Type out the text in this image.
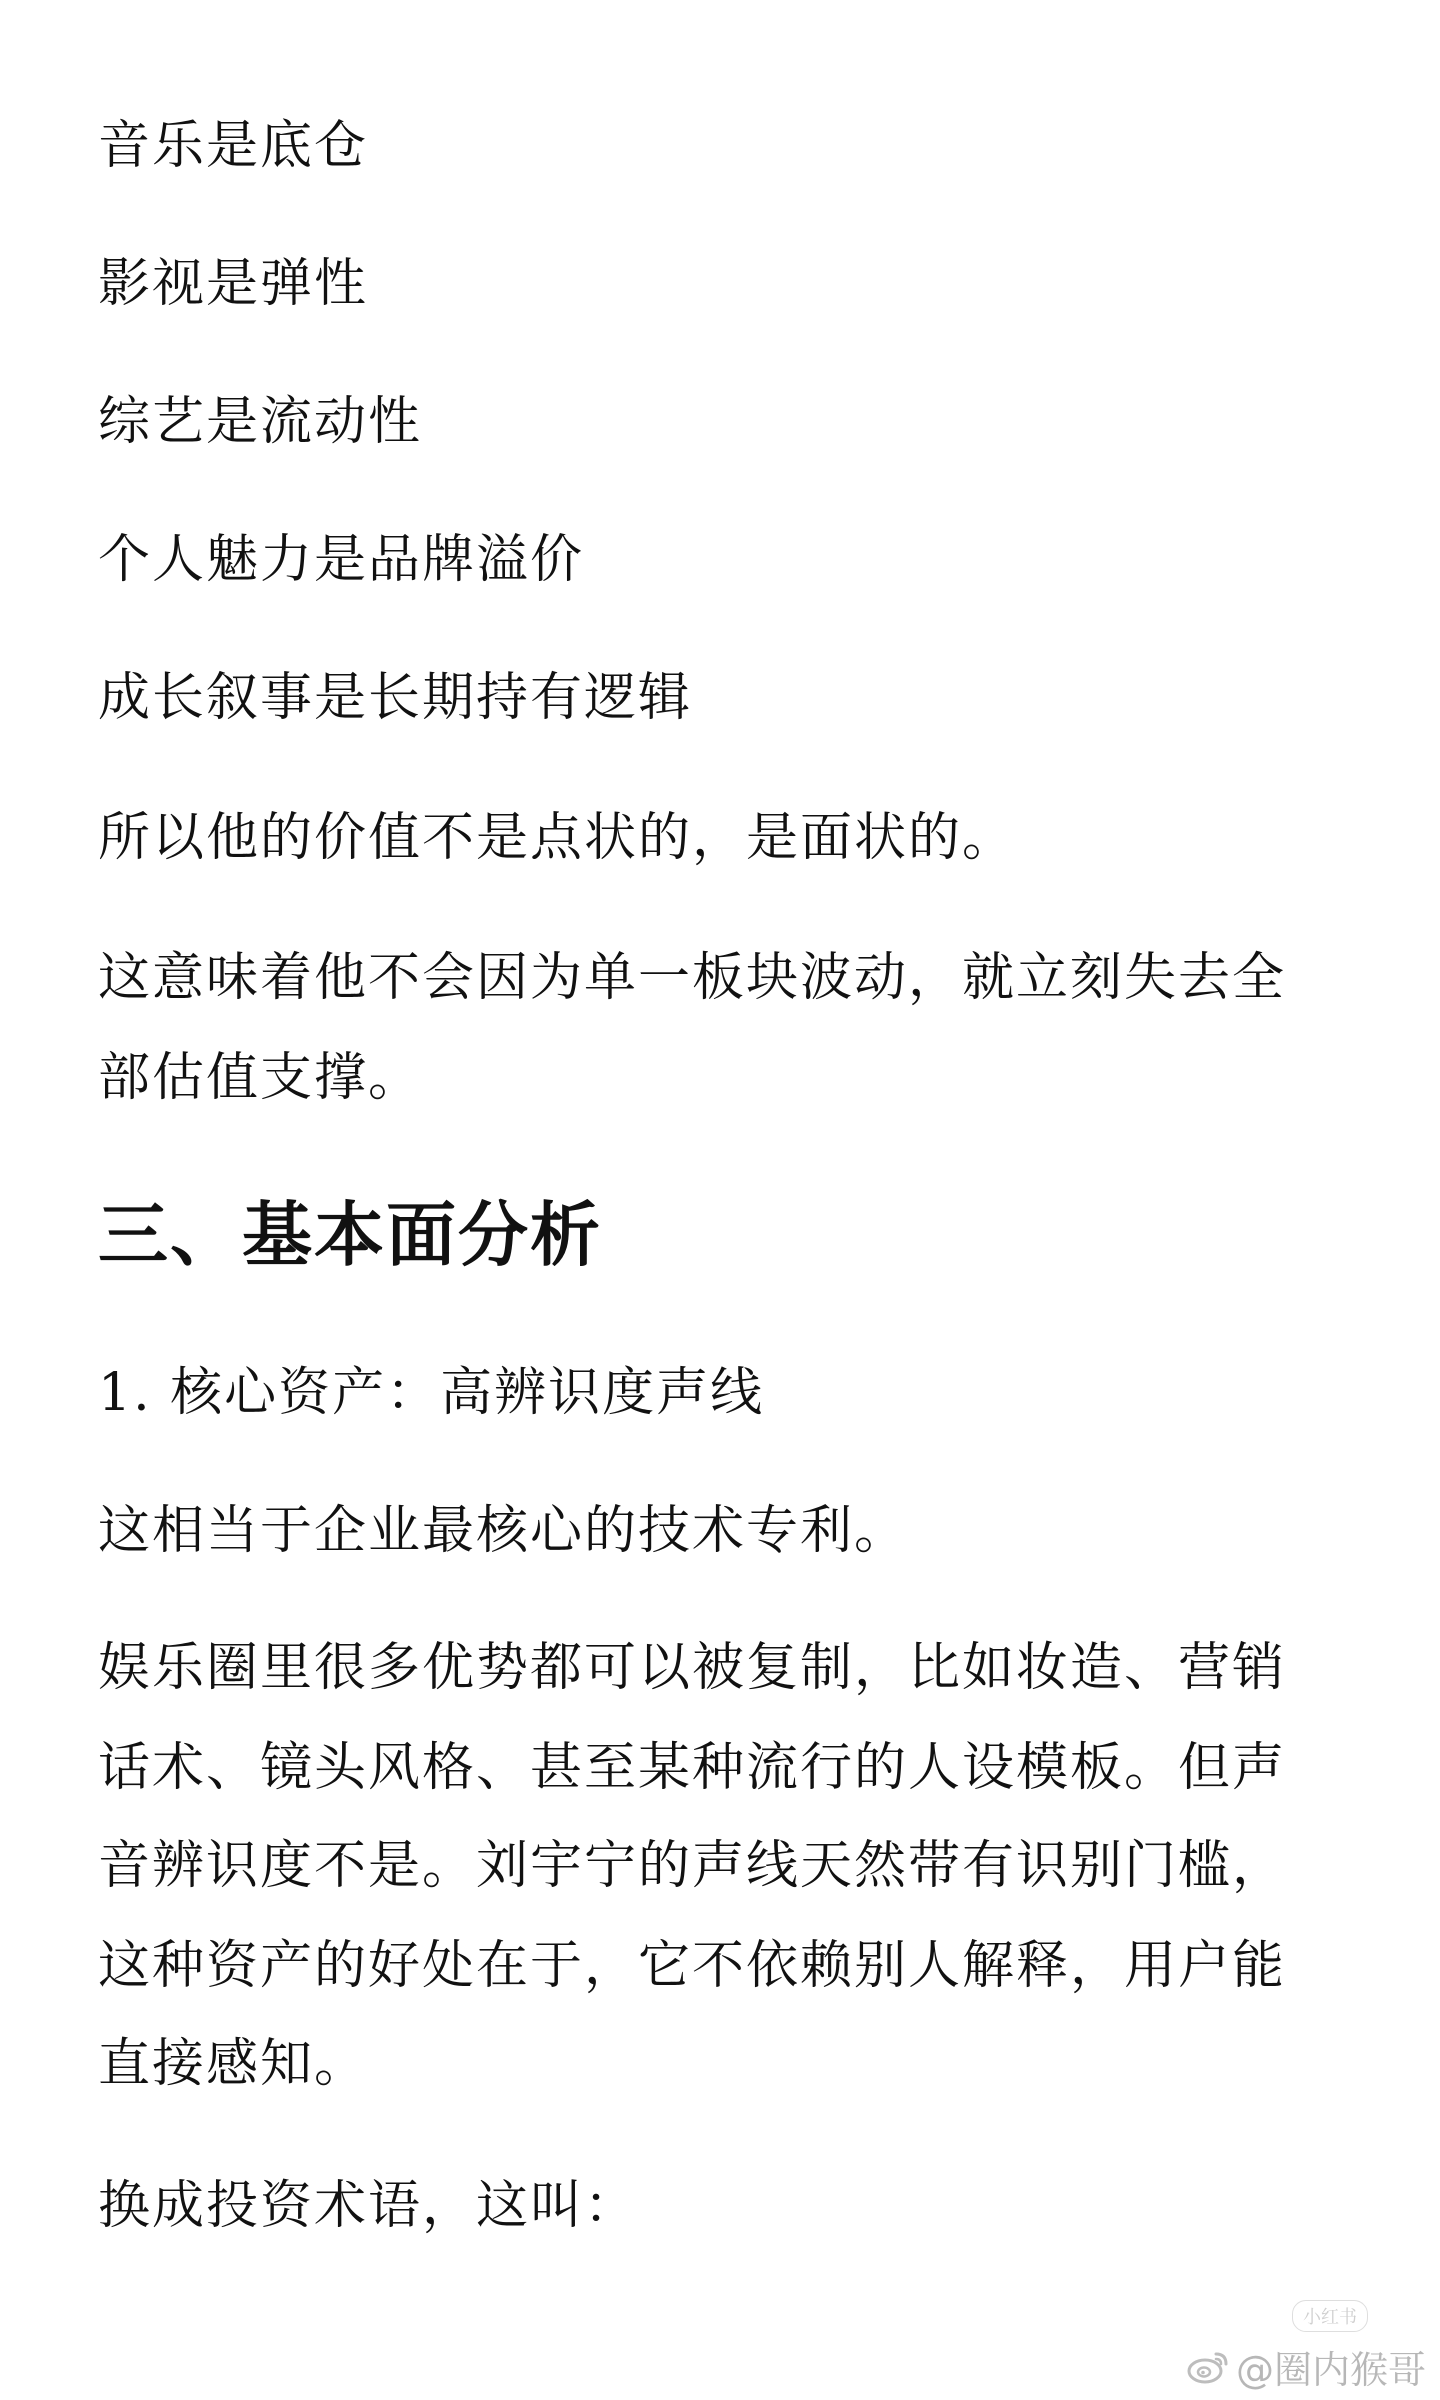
音乐是底仓
影视是弹性
综艺是流动性
个人魅力是品牌溢价
成长叙事是长期持有逻辑
所以他的价值不是点状的，是面状的。
这意味着他不会因为单一板块波动，就立刻失去全
部估值支撑。
三、基本面分析
1. 核心资产：高辨识度声线
这相当于企业最核心的技术专利。
娱乐圈里很多优势都可以被复制，比如妆造、营销
话术、镜头风格、甚至某种流行的人设模板。但声
音辨识度不是。刘宇宁的声线天然带有识别门槛，
这种资产的好处在于，它不依赖别人解释，用户能
直接感知。
换成投资术语，这叫：
小红书
@圈内猴哥
